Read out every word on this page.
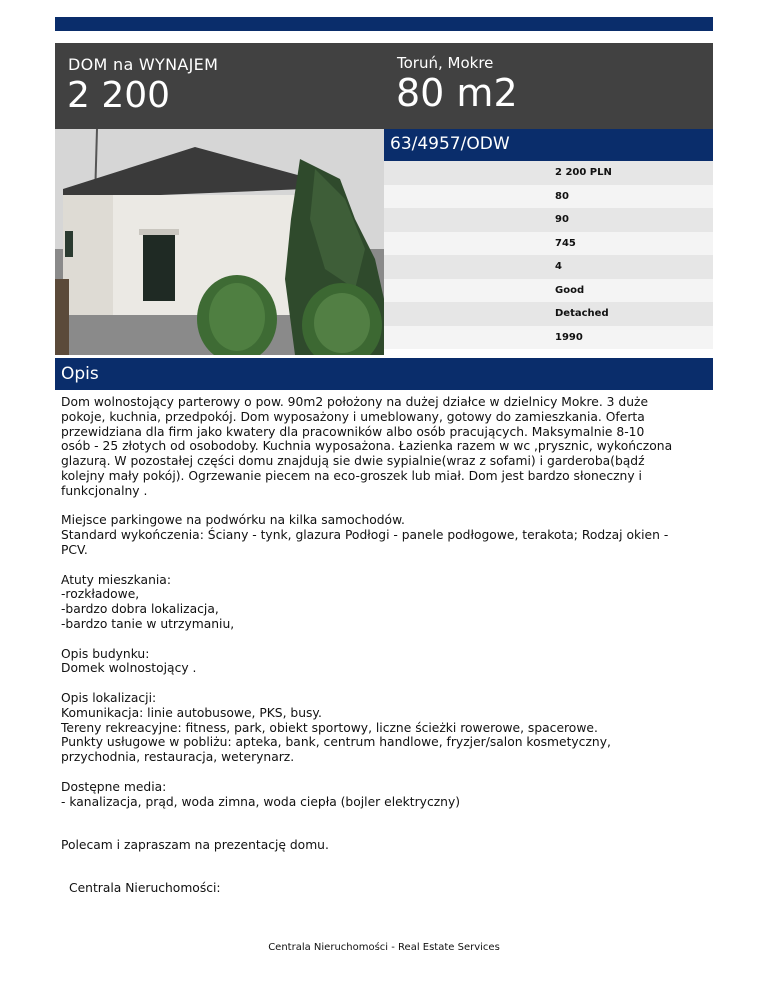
DOM na WYNAJEM
2 200
Toruń, Mokre
80 m2
63/4957/ODW
2 200 PLN
80
90
745
4
Good
Detached
1990
Opis

Dom wolnostojący parterowy o pow. 90m2 położony na dużej działce w dzielnicy Mokre. 3 duże
pokoje, kuchnia, przedpokój. Dom wyposażony i umeblowany, gotowy do zamieszkania. Oferta
przewidziana dla firm jako kwatery dla pracowników albo osób pracujących. Maksymalnie 8-10
osób - 25 złotych od osobodoby. Kuchnia wyposażona. Łazienka razem w wc ,prysznic, wykończona
glazurą. W pozostałej części domu znajdują sie dwie sypialnie(wraz z sofami) i garderoba(bądź
kolejny mały pokój). Ogrzewanie piecem na eco-groszek lub miał. Dom jest bardzo słoneczny i
funkcjonalny .

Miejsce parkingowe na podwórku na kilka samochodów.
Standard wykończenia: Ściany - tynk, glazura Podłogi - panele podłogowe, terakota; Rodzaj okien -
PCV.

Atuty mieszkania:
-rozkładowe,
-bardzo dobra lokalizacja,
-bardzo tanie w utrzymaniu,

Opis budynku:
Domek wolnostojący .

Opis lokalizacji:
Komunikacja: linie autobusowe, PKS, busy.
Tereny rekreacyjne: fitness, park, obiekt sportowy, liczne ścieżki rowerowe, spacerowe.
Punkty usługowe w pobliżu: apteka, bank, centrum handlowe, fryzjer/salon kosmetyczny,
przychodnia, restauracja, weterynarz.

Dostępne media:
- kanalizacja, prąd, woda zimna, woda ciepła (bojler elektryczny)

Polecam i zapraszam na prezentację domu.

Centrala Nieruchomości:
Centrala Nieruchomości - Real Estate Services
